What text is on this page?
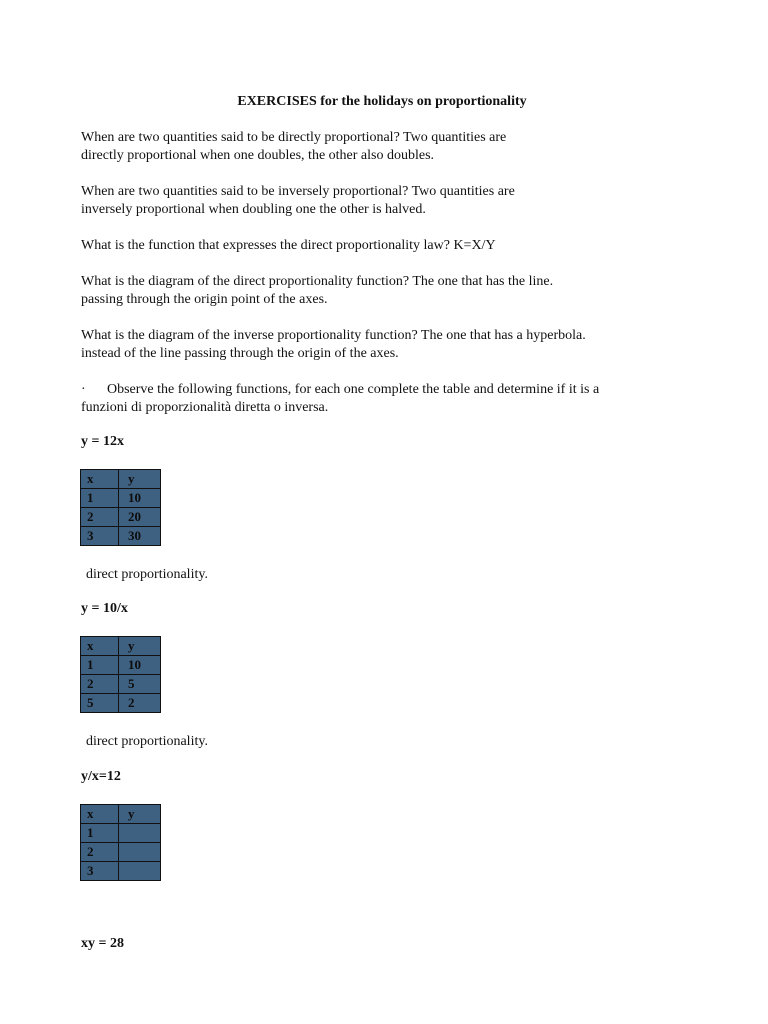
EXERCISES for the holidays on proportionality
When are two quantities said to be directly proportional? Two quantities are
directly proportional when one doubles, the other also doubles.
When are two quantities said to be inversely proportional? Two quantities are
inversely proportional when doubling one the other is halved.
What is the function that expresses the direct proportionality law? K=X/Y
What is the diagram of the direct proportionality function? The one that has the line.
passing through the origin point of the axes.
What is the diagram of the inverse proportionality function? The one that has a hyperbola.
instead of the line passing through the origin of the axes.
· Observe the following functions, for each one complete the table and determine if it is a
funzioni di proporzionalità diretta o inversa.
y = 12x
x	y
1	10
2	20
3	30
direct proportionality.
y = 10/x
x	y
1	10
2	5
5	2
direct proportionality.
y/x=12
x	y
1	
2	
3	
xy = 28
